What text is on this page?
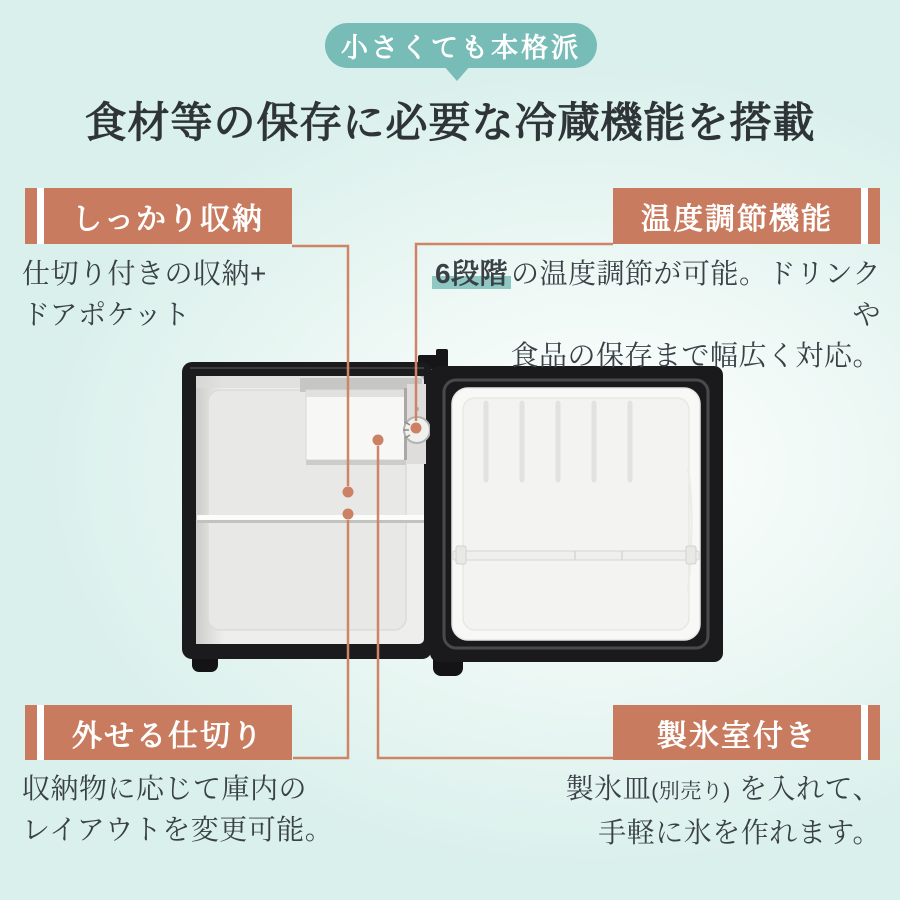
小さくても本格派
食材等の保存に必要な冷蔵機能を搭載
しっかり収納
仕切り付きの収納+
ドアポケット
温度調節機能
6段階 の温度調節が可能。ドリンクや
食品の保存まで幅広く対応。
外せる仕切り
収納物に応じて庫内の
レイアウトを変更可能。
製氷室付き
製氷皿(別売り) を入れて、
手軽に氷を作れます。
